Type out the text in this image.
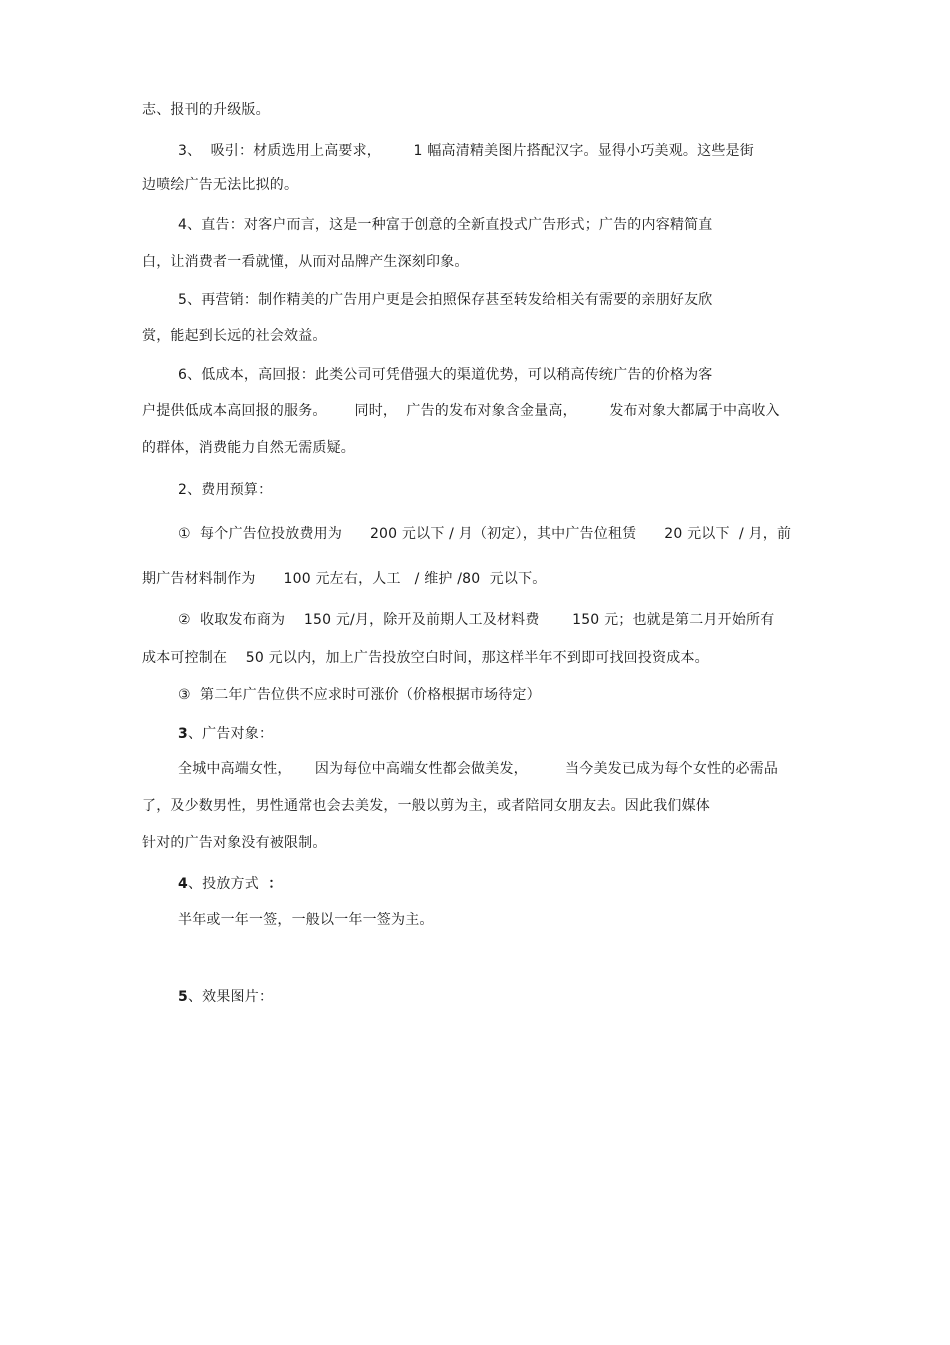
志、报刊的升级版。
3、  吸引：材质选用上高要求，       1 幅高清精美图片搭配汉字。显得小巧美观。这些是街
边喷绘广告无法比拟的。
4、直告：对客户而言，这是一种富于创意的全新直投式广告形式；广告的内容精简直
白，让消费者一看就懂，从而对品牌产生深刻印象。
5、再营销：制作精美的广告用户更是会拍照保存甚至转发给相关有需要的亲朋好友欣
赏，能起到长远的社会效益。
6、低成本，高回报：此类公司可凭借强大的渠道优势，可以稍高传统广告的价格为客
户提供低成本高回报的服务。      同时，  广告的发布对象含金量高，       发布对象大都属于中高收入
的群体，消费能力自然无需质疑。
2、费用预算：
①  每个广告位投放费用为      200 元以下 / 月（初定），其中广告位租赁      20 元以下  / 月，前
期广告材料制作为      100 元左右，人工   / 维护 /80  元以下。
②  收取发布商为    150 元/月，除开及前期人工及材料费       150 元；也就是第二月开始所有
成本可控制在    50 元以内，加上广告投放空白时间，那这样半年不到即可找回投资成本。
③  第二年广告位供不应求时可涨价（价格根据市场待定）
3、广告对象：
全城中高端女性，     因为每位中高端女性都会做美发，        当今美发已成为每个女性的必需品
了，及少数男性，男性通常也会去美发，一般以剪为主，或者陪同女朋友去。因此我们媒体
针对的广告对象没有被限制。
4、投放方式  ：
半年或一年一签，一般以一年一签为主。
5、效果图片：
